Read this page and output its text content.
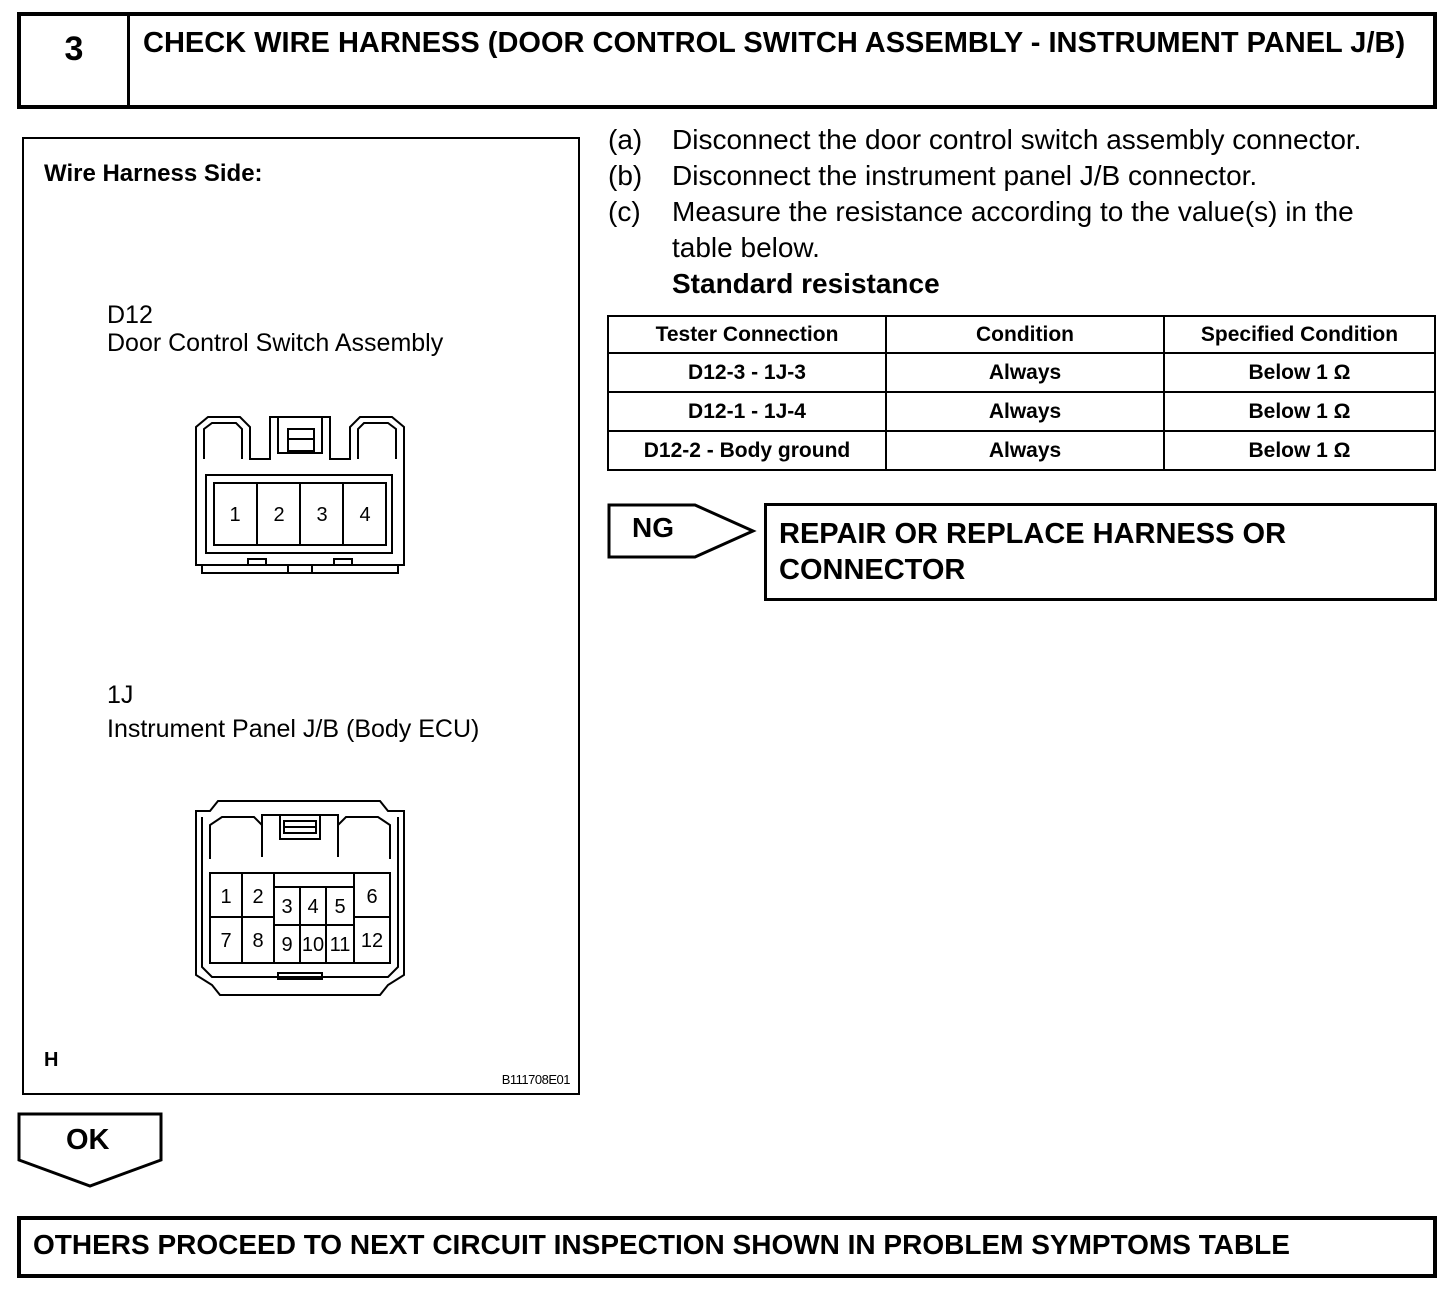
3	CHECK WIRE HARNESS (DOOR CONTROL SWITCH ASSEMBLY - INSTRUMENT PANEL J/B)
Wire Harness Side:
D12
Door Control Switch Assembly
1 2 3 4
1J
Instrument Panel J/B (Body ECU)
1 2 3 4 5 6
7 8 9 10 11 12
H
B111708E01
(a) Disconnect the door control switch assembly connector.
(b) Disconnect the instrument panel J/B connector.
(c) Measure the resistance according to the value(s) in the
table below.
Standard resistance
Tester Connection	Condition	Specified Condition
D12-3 - 1J-3	Always	Below 1 Ω
D12-1 - 1J-4	Always	Below 1 Ω
D12-2 - Body ground	Always	Below 1 Ω
NG	REPAIR OR REPLACE HARNESS OR CONNECTOR
OK
OTHERS PROCEED TO NEXT CIRCUIT INSPECTION SHOWN IN PROBLEM SYMPTOMS TABLE
